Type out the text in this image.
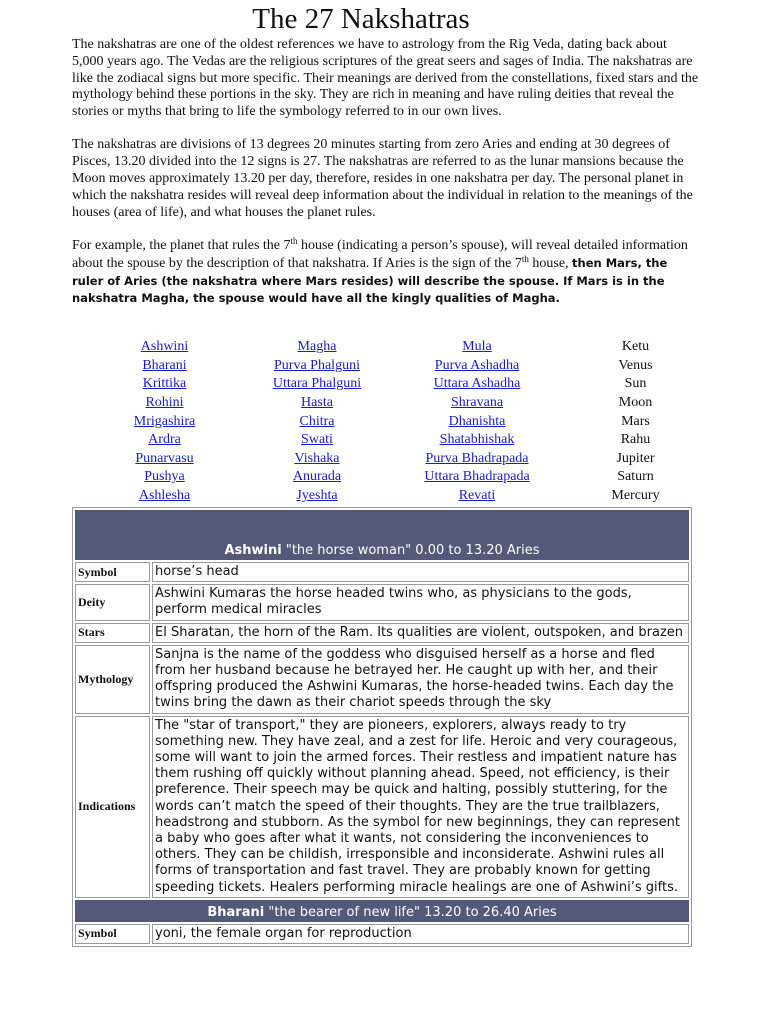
The 27 Nakshatras

The nakshatras are one of the oldest references we have to astrology from the Rig Veda, dating back about 5,000 years ago. The Vedas are the religious scriptures of the great seers and sages of India. The nakshatras are like the zodiacal signs but more specific. Their meanings are derived from the constellations, fixed stars and the mythology behind these portions in the sky. They are rich in meaning and have ruling deities that reveal the stories or myths that bring to life the symbology referred to in our own lives.

The nakshatras are divisions of 13 degrees 20 minutes starting from zero Aries and ending at 30 degrees of Pisces, 13.20 divided into the 12 signs is 27. The nakshatras are referred to as the lunar mansions because the Moon moves approximately 13.20 per day, therefore, resides in one nakshatra per day. The personal planet in which the nakshatra resides will reveal deep information about the individual in relation to the meanings of the houses (area of life), and what houses the planet rules.

For example, the planet that rules the 7th house (indicating a person’s spouse), will reveal detailed information about the spouse by the description of that nakshatra. If Aries is the sign of the 7th house, then Mars, the ruler of Aries (the nakshatra where Mars resides) will describe the spouse. If Mars is in the nakshatra Magha, the spouse would have all the kingly qualities of Magha.

Ashwini	Magha	Mula	Ketu
Bharani	Purva Phalguni	Purva Ashadha	Venus
Krittika	Uttara Phalguni	Uttara Ashadha	Sun
Rohini	Hasta	Shravana	Moon
Mrigashira	Chitra	Dhanishta	Mars
Ardra	Swati	Shatabhishak	Rahu
Punarvasu	Vishaka	Purva Bhadrapada	Jupiter
Pushya	Anurada	Uttara Bhadrapada	Saturn
Ashlesha	Jyeshta	Revati	Mercury
Ashwini "the horse woman" 0.00 to 13.20 Aries	
Symbol	horse’s head
Deity	Ashwini Kumaras the horse headed twins who, as physicians to the gods, perform medical miracles
Stars	El Sharatan, the horn of the Ram. Its qualities are violent, outspoken, and brazen
Mythology	Sanjna is the name of the goddess who disguised herself as a horse and fled from her husband because he betrayed her. He caught up with her, and their offspring produced the Ashwini Kumaras, the horse-headed twins. Each day the twins bring the dawn as their chariot speeds through the sky
Indications	The "star of transport," they are pioneers, explorers, always ready to try something new. They have zeal, and a zest for life. Heroic and very courageous, some will want to join the armed forces. Their restless and impatient nature has them rushing off quickly without planning ahead. Speed, not efficiency, is their preference. Their speech may be quick and halting, possibly stuttering, for the words can’t match the speed of their thoughts. They are the true trailblazers, headstrong and stubborn. As the symbol for new beginnings, they can represent a baby who goes after what it wants, not considering the inconveniences to others. They can be childish, irresponsible and inconsiderate. Ashwini rules all forms of transportation and fast travel. They are probably known for getting speeding tickets. Healers performing miracle healings are one of Ashwini’s gifts.
Bharani "the bearer of new life" 13.20 to 26.40 Aries	
Symbol	yoni, the female organ for reproduction
